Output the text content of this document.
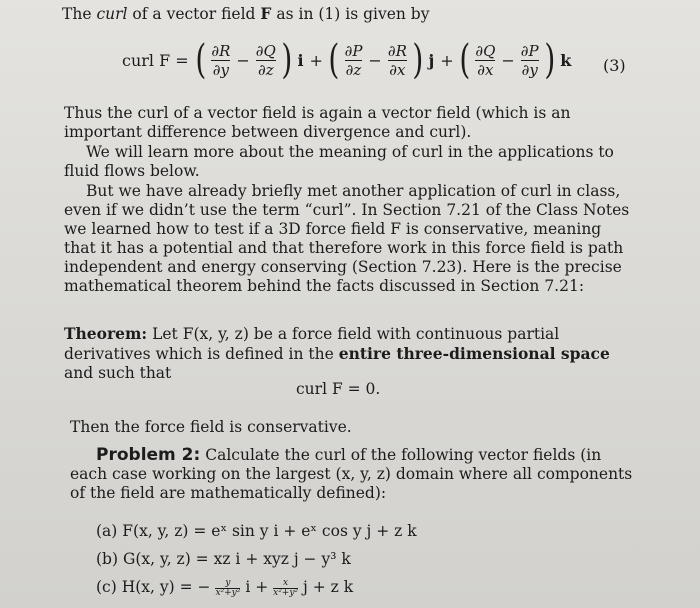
The curl of a vector field F as in (1) is given by

curl F = ( $\frac{\partial R}{\partial y} - \frac{\partial Q}{\partial z}$ ) i + ( $\frac{\partial P}{\partial z} - \frac{\partial R}{\partial x}$ ) j + ( $\frac{\partial Q}{\partial x} - \frac{\partial P}{\partial y}$ ) k (3)

Thus the curl of a vector field is again a vector field (which is an important difference between divergence and curl).

We will learn more about the meaning of curl in the applications to fluid flows below.

But we have already briefly met another application of curl in class, even if we didn’t use the term “curl”. In Section 7.21 of the Class Notes we learned how to test if a 3D force field F is conservative, meaning that it has a potential and that therefore work in this force field is path independent and energy conserving (Section 7.23). Here is the precise mathematical theorem behind the facts discussed in Section 7.21:

Theorem: Let F(x, y, z) be a force field with continuous partial derivatives which is defined in the entire three-dimensional space and such that

curl F = 0.

Then the force field is conservative.

Problem 2: Calculate the curl of the following vector fields (in each case working on the largest (x, y, z) domain where all components of the field are mathematically defined):

(a) F(x, y, z) = eˣ sin y i + eˣ cos y j + z k
(b) G(x, y, z) = xz i + xyz j − y³ k
(c) H(x, y) = − $\frac{y}{\text{x²+y²}}$ $i + \frac{x}{\text{x²+y²}}$ j + z k
